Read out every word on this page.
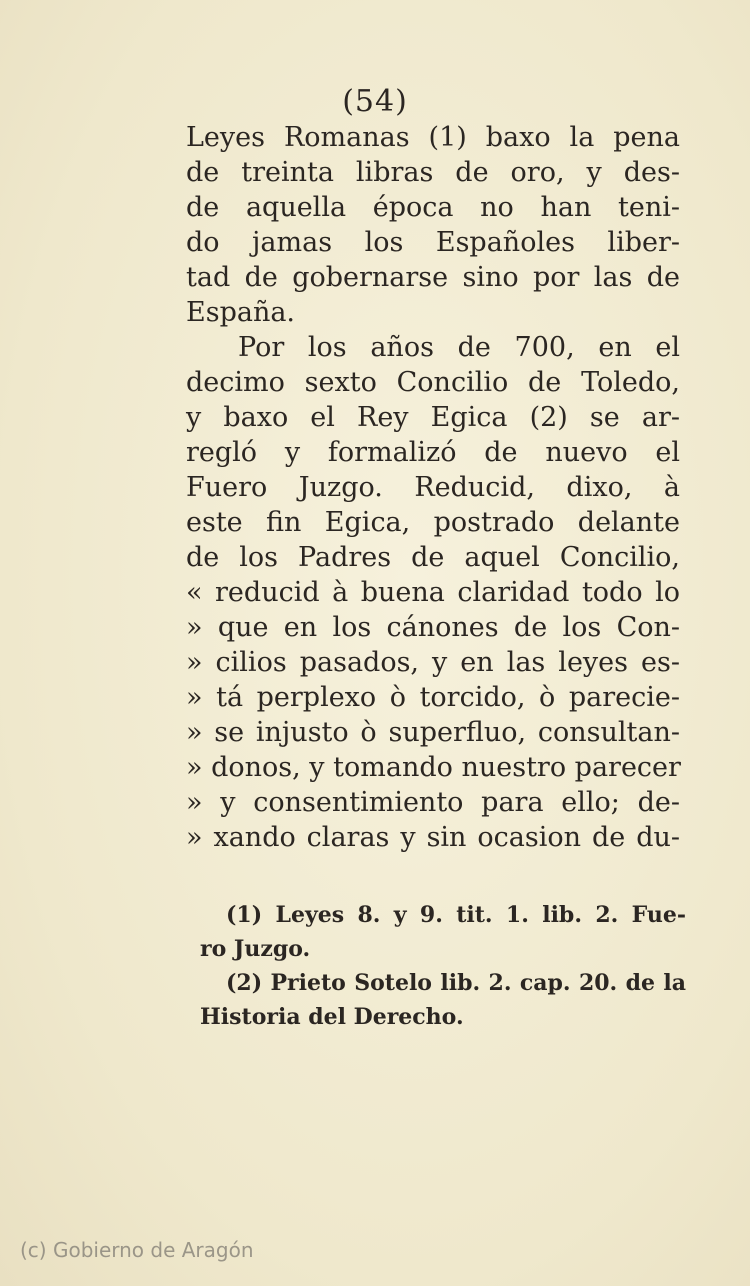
(54)
Leyes Romanas (1) baxo la pena
de treinta libras de oro, y des-
de aquella época no han teni-
do jamas los Españoles liber-
tad de gobernarse sino por las de
España.
Por los años de 700, en el
decimo sexto Concilio de Toledo,
y baxo el Rey Egica (2) se ar-
regló y formalizó de nuevo el
Fuero Juzgo. Reducid, dixo, à
este fin Egica, postrado delante
de los Padres de aquel Concilio,
« reducid à buena claridad todo lo
» que en los cánones de los Con-
» cilios pasados, y en las leyes es-
» tá perplexo ò torcido, ò parecie-
» se injusto ò superfluo, consultan-
» donos, y tomando nuestro parecer
» y consentimiento para ello; de-
» xando claras y sin ocasion de du-
(1) Leyes 8. y 9. tit. 1. lib. 2. Fue-
ro Juzgo.
(2) Prieto Sotelo lib. 2. cap. 20. de la
Historia del Derecho.
(c) Gobierno de Aragón
